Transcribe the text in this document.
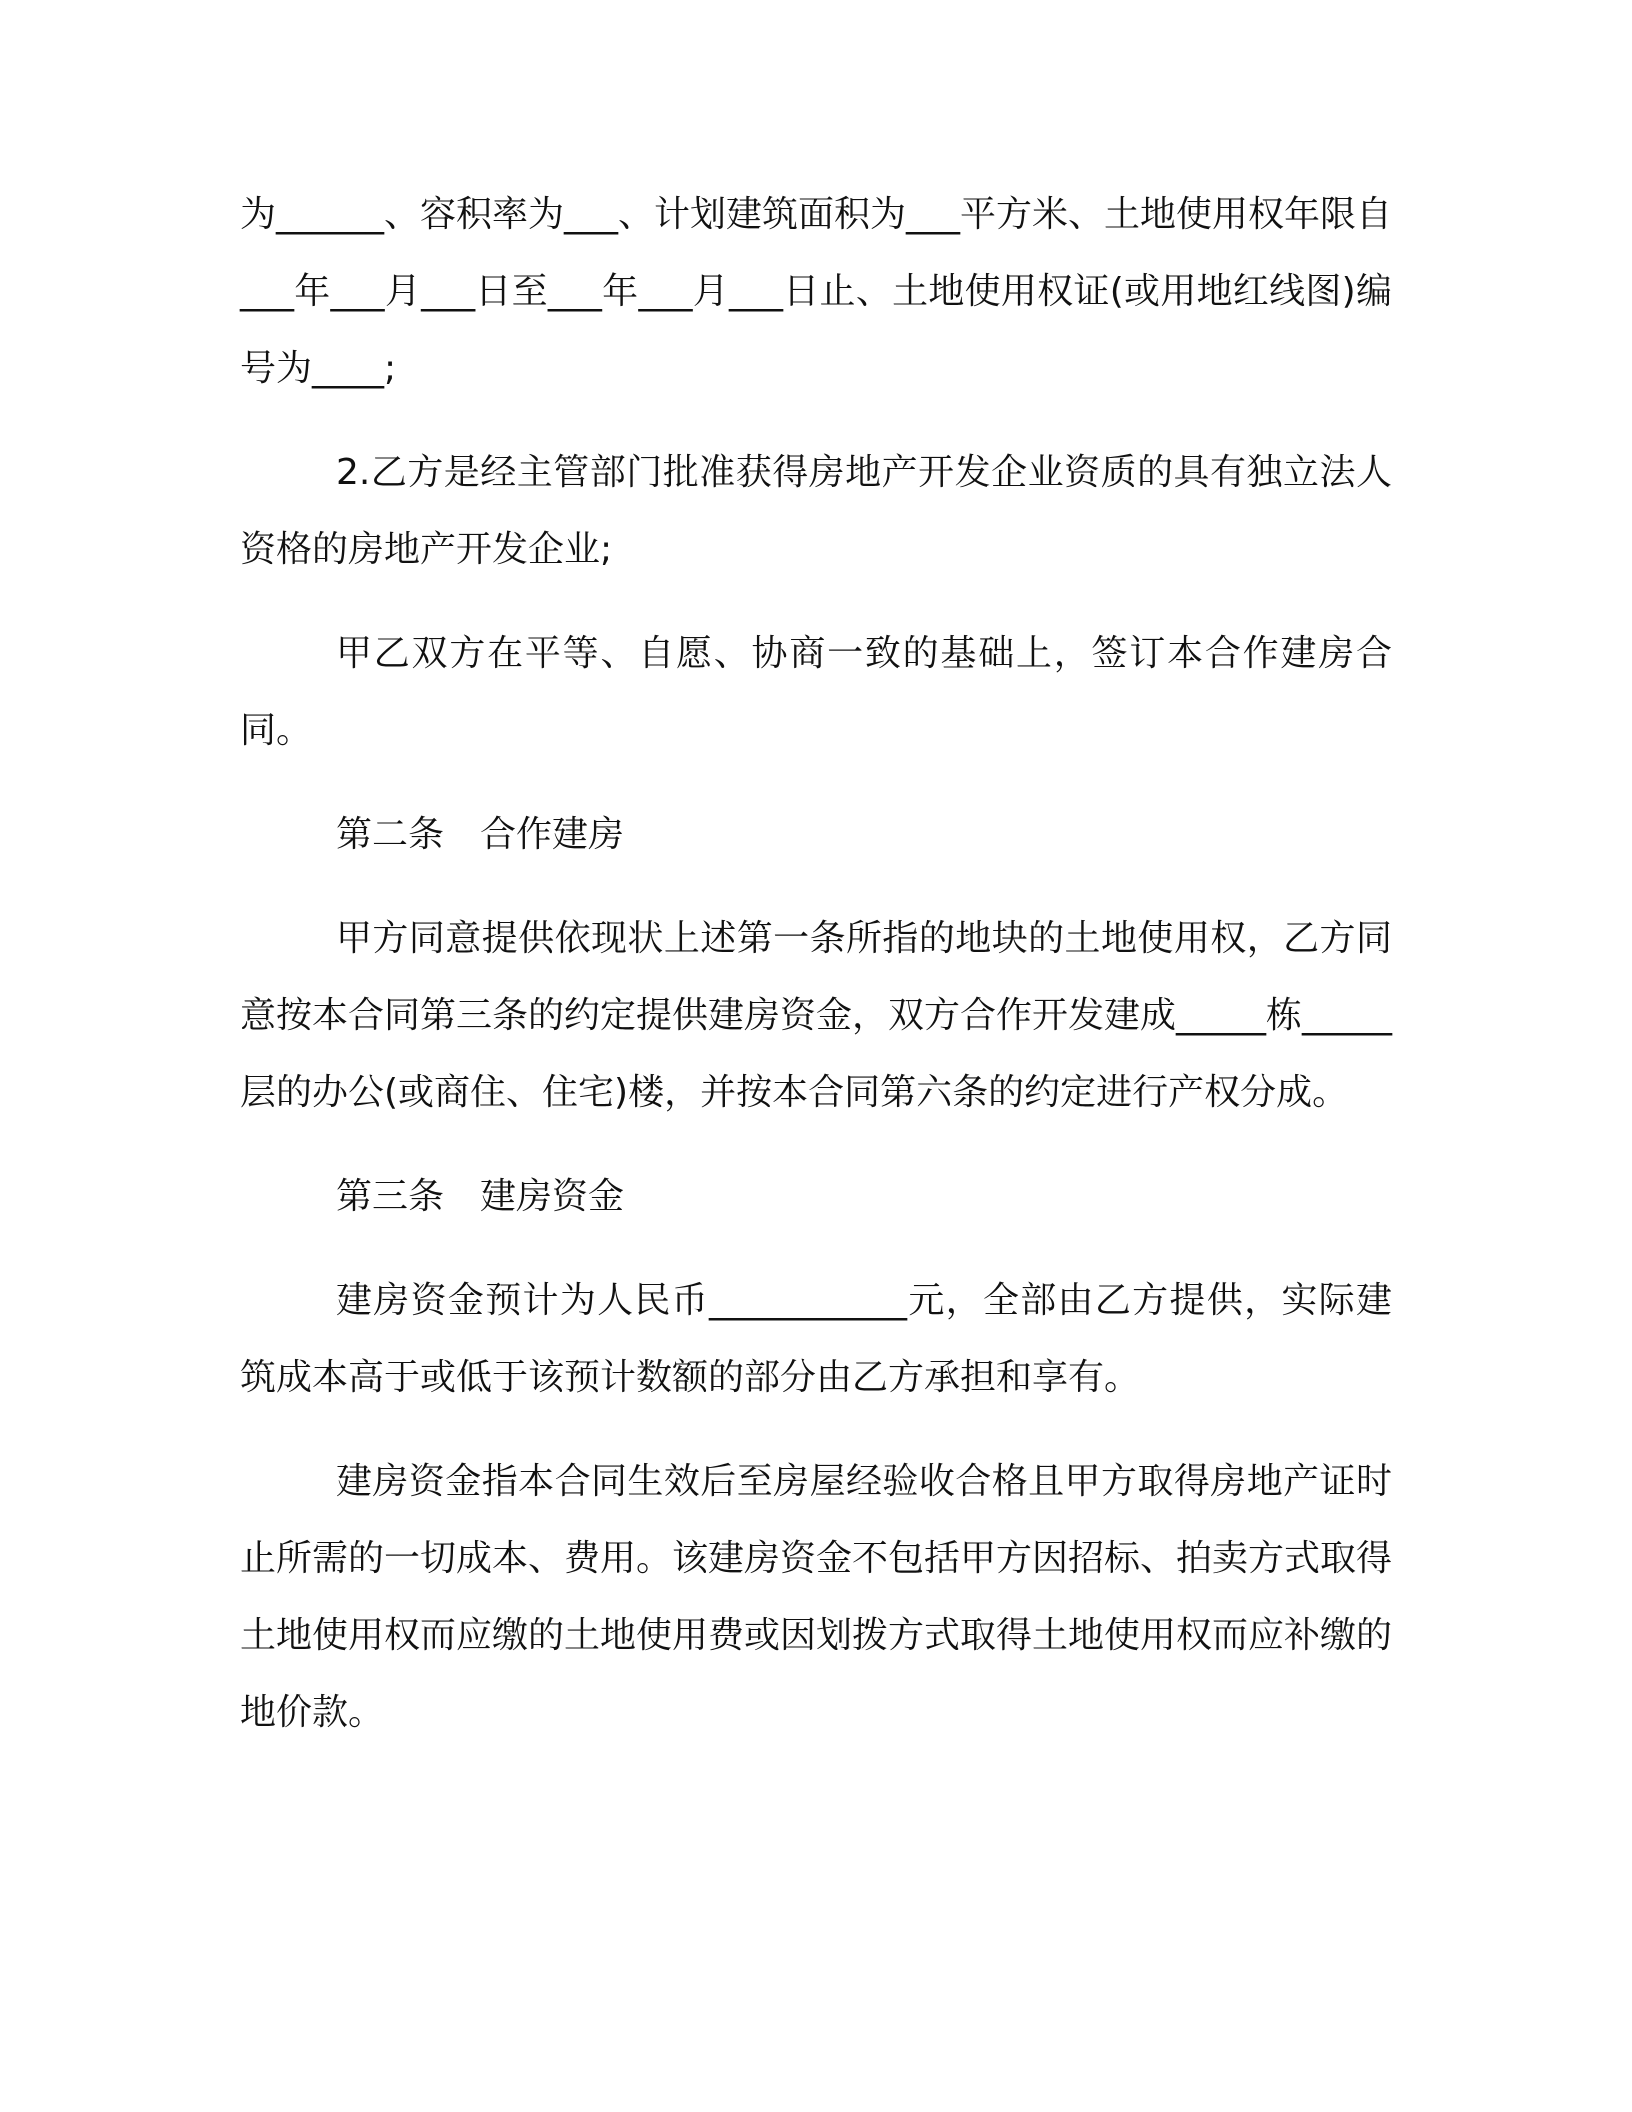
为______、容积率为___、计划建筑面积为___平方米、土地使用权年限自___年___月___日至___年___月___日止、土地使用权证(或用地红线图)编号为____;

2.乙方是经主管部门批准获得房地产开发企业资质的具有独立法人资格的房地产开发企业;

甲乙双方在平等、自愿、协商一致的基础上，签订本合作建房合同。

第二条　合作建房

甲方同意提供依现状上述第一条所指的地块的土地使用权，乙方同意按本合同第三条的约定提供建房资金，双方合作开发建成_____栋_____层的办公(或商住、住宅)楼，并按本合同第六条的约定进行产权分成。

第三条　建房资金

建房资金预计为人民币___________元，全部由乙方提供，实际建筑成本高于或低于该预计数额的部分由乙方承担和享有。

建房资金指本合同生效后至房屋经验收合格且甲方取得房地产证时止所需的一切成本、费用。该建房资金不包括甲方因招标、拍卖方式取得土地使用权而应缴的土地使用费或因划拨方式取得土地使用权而应补缴的地价款。
